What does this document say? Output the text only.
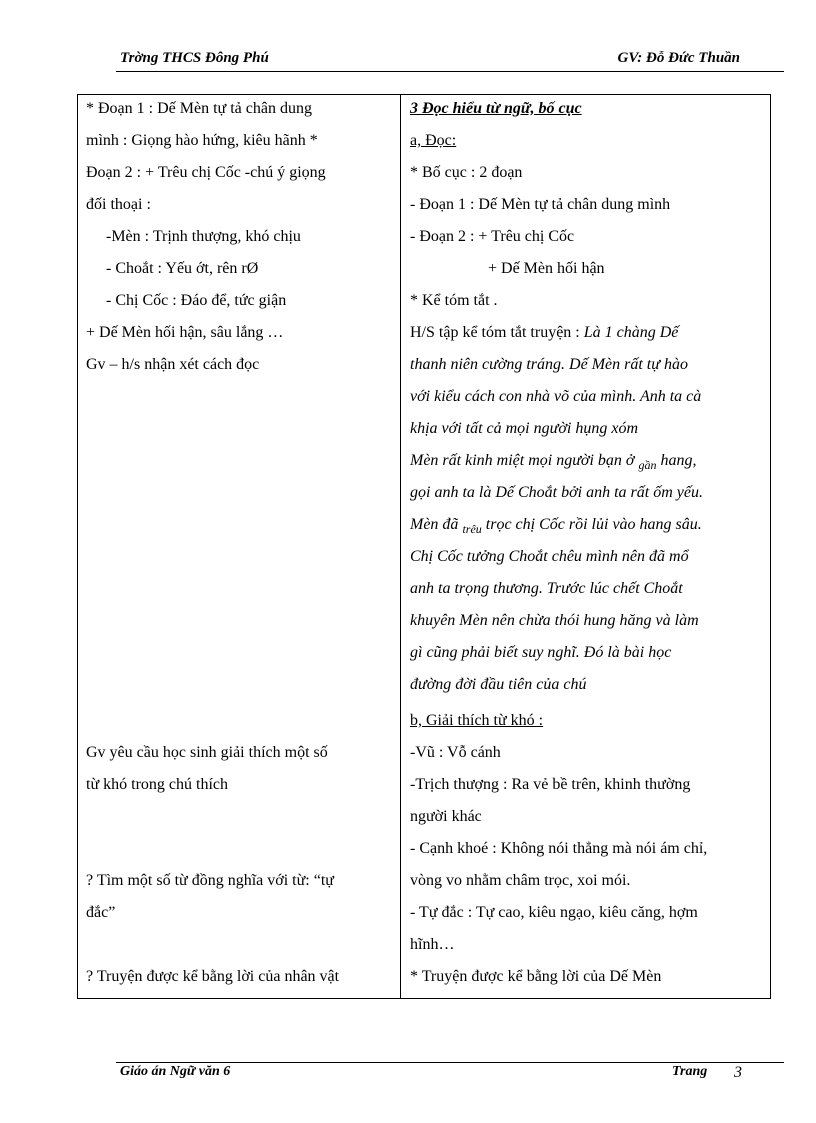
Trờng THCS Đông Phú	GV: Đỗ Đức Thuần
* Đoạn 1 : Dế Mèn tự tả chân dung
mình : Giọng hào hứng, kiêu hãnh *
Đoạn 2 : + Trêu chị Cốc -chú ý giọng
đối thoại :
-Mèn : Trịnh thượng, khó chịu
- Choắt : Yếu ớt, rên rØ
- Chị Cốc : Đáo để, tức giận
+ Dế Mèn hối hận, sâu lắng …
Gv – h/s nhận xét cách đọc
Gv yêu cầu học sinh giải thích một số
từ khó trong chú thích
? Tìm một số từ đồng nghĩa với từ: “tự
đắc”
? Truyện được kể bằng lời của nhân vật
3 Đọc hiểu từ ngữ, bố cục
a, Đọc:
* Bố cục : 2 đoạn
- Đoạn 1 : Dế Mèn tự tả chân dung mình
- Đoạn 2 : + Trêu chị Cốc
+ Dế Mèn hối hận
* Kể tóm tắt .
H/S tập kể tóm tắt truyện : Là 1 chàng Dế
thanh niên cường tráng. Dế Mèn rất tự hào
với kiểu cách con nhà võ của mình. Anh ta cà
khịa với tất cả mọi người hụng xóm
Mèn rất kinh miệt mọi người bạn ở $_{gần}$ hang,
gọi anh ta là Dế Choắt bởi anh ta rất ốm yếu.
Mèn đã $_{trêu}$ trọc chị Cốc rồi lủi vào hang sâu.
Chị Cốc tưởng Choắt chêu mình nên đã mổ
anh ta trọng thương. Trước lúc chết Choắt
khuyên Mèn nên chừa thói hung hăng và làm
gì cũng phải biết suy nghĩ. Đó là bài học
đường đời đầu tiên của chú
b, Giải thích từ khó :
-Vũ : Vỗ cánh
-Trịch thượng : Ra vẻ bề trên, khinh thường
người khác
- Cạnh khoé : Không nói thẳng mà nói ám chỉ,
vòng vo nhằm châm trọc, xoi mói.
- Tự đắc : Tự cao, kiêu ngạo, kiêu căng, hợm
hĩnh…
* Truyện được kể bằng lời của Dế Mèn
Giáo án Ngữ văn 6	Trang 3
